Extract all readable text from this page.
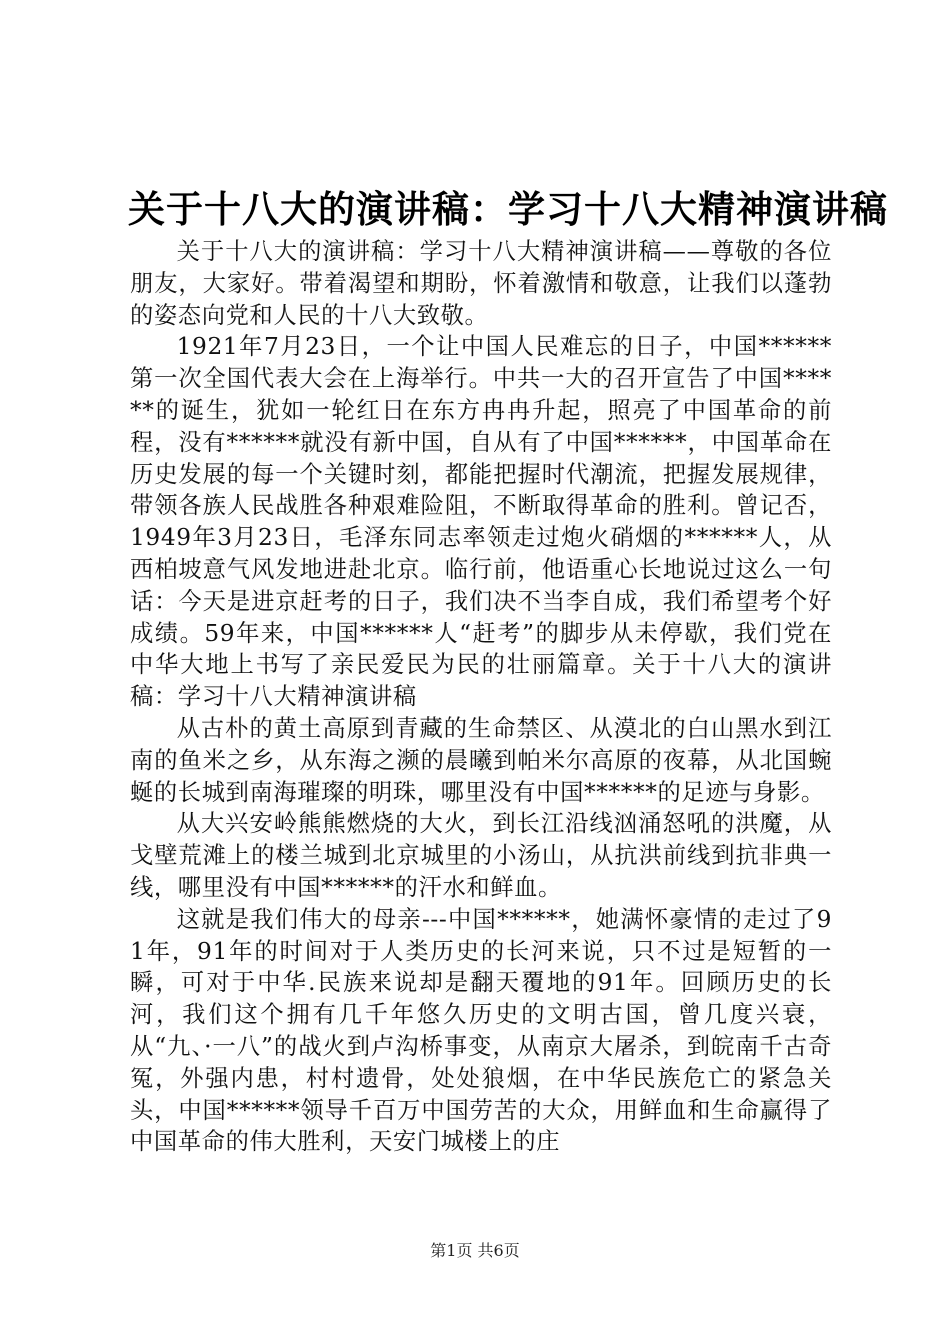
关于十八大的演讲稿：学习十八大精神演讲稿

关于十八大的演讲稿：学习十八大精神演讲稿——尊敬的各位朋友，大家好。带着渴望和期盼，怀着激情和敬意，让我们以蓬勃的姿态向党和人民的十八大致敬。

1921年7月23日，一个让中国人民难忘的日子，中国******第一次全国代表大会在上海举行。中共一大的召开宣告了中国******的诞生，犹如一轮红日在东方冉冉升起，照亮了中国革命的前程，没有******就没有新中国，自从有了中国******，中国革命在历史发展的每一个关键时刻，都能把握时代潮流，把握发展规律，带领各族人民战胜各种艰难险阻，不断取得革命的胜利。曾记否，1949年3月23日，毛泽东同志率领走过炮火硝烟的******人，从西柏坡意气风发地进赴北京。临行前，他语重心长地说过这么一句话：今天是进京赶考的日子，我们决不当李自成，我们希望考个好成绩。59年来，中国******人“赶考”的脚步从未停歇，我们党在中华大地上书写了亲民爱民为民的壮丽篇章。关于十八大的演讲稿：学习十八大精神演讲稿

从古朴的黄土高原到青藏的生命禁区、从漠北的白山黑水到江南的鱼米之乡，从东海之濒的晨曦到帕米尔高原的夜幕，从北国蜿蜒的长城到南海璀璨的明珠，哪里没有中国******的足迹与身影。

从大兴安岭熊熊燃烧的大火，到长江沿线汹涌怒吼的洪魔，从戈壁荒滩上的楼兰城到北京城里的小汤山，从抗洪前线到抗非典一线，哪里没有中国******的汗水和鲜血。

这就是我们伟大的母亲---中国******，她满怀豪情的走过了91年，91年的时间对于人类历史的长河来说，只不过是短暂的一瞬，可对于中华.民族来说却是翻天覆地的91年。回顾历史的长河，我们这个拥有几千年悠久历史的文明古国，曾几度兴衰，从“九、·一八”的战火到卢沟桥事变，从南京大屠杀，到皖南千古奇冤，外强内患，村村遗骨，处处狼烟，在中华民族危亡的紧急关头，中国******领导千百万中国劳苦的大众，用鲜血和生命赢得了中国革命的伟大胜利，天安门城楼上的庄

第1页 共6页
